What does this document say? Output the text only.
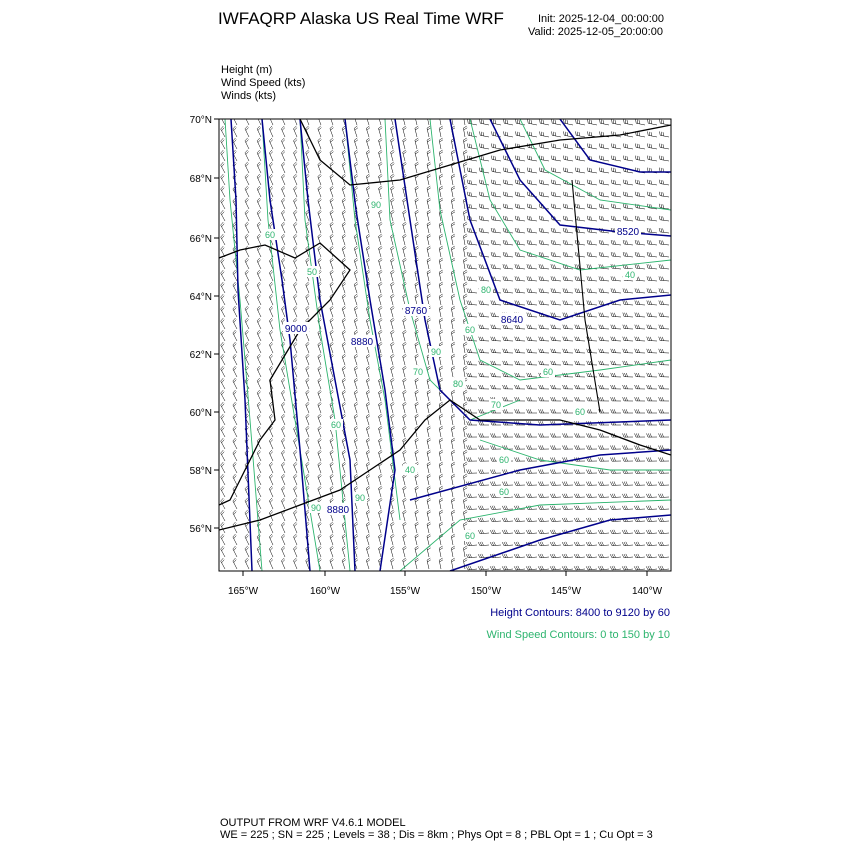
IWFAQRP Alaska US Real Time WRF	Init: 2025-12-04_00:00:00
Valid: 2025-12-05_20:00:00
Height (m)
Wind Speed (kts)
Winds (kts)
9000
8880
8760
8640
8520
8880
60
50
90
90
80
70
60
70
60
40
60
60
60
90
90
80
60
40
60
70°N
68°N
66°N
64°N
62°N
60°N
58°N
56°N
165°W	160°W	155°W	150°W	145°W	140°W
Height Contours: 8400 to 9120 by 60
Wind Speed Contours: 0 to 150 by 10
OUTPUT FROM WRF V4.6.1 MODEL
WE = 225 ; SN = 225 ; Levels = 38 ; Dis = 8km ; Phys Opt = 8 ; PBL Opt = 1 ; Cu Opt = 3
